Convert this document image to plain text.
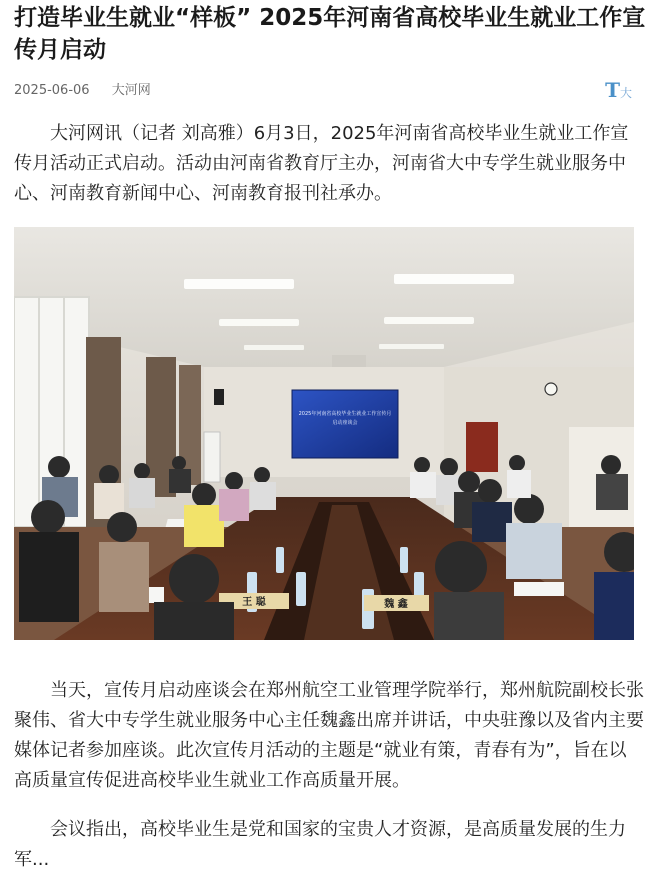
打造毕业生就业“样板” 2025年河南省高校毕业生就业工作宣传月启动
2025-06-06 大河网	T大

大河网讯（记者 刘高雅）6月3日，2025年河南省高校毕业生就业工作宣传月活动正式启动。活动由河南省教育厅主办，河南省大中专学生就业服务中心、河南教育新闻中心、河南教育报刊社承办。

2025年河南省高校毕业生就业工作宣传月
启动座谈会
王 聪	魏 鑫

当天，宣传月启动座谈会在郑州航空工业管理学院举行，郑州航院副校长张聚伟、省大中专学生就业服务中心主任魏鑫出席并讲话，中央驻豫以及省内主要媒体记者参加座谈。此次宣传月活动的主题是“就业有策，青春有为”，旨在以高质量宣传促进高校毕业生就业工作高质量开展。

会议指出，高校毕业生是党和国家的宝贵人才资源，是高质量发展的生力军...
